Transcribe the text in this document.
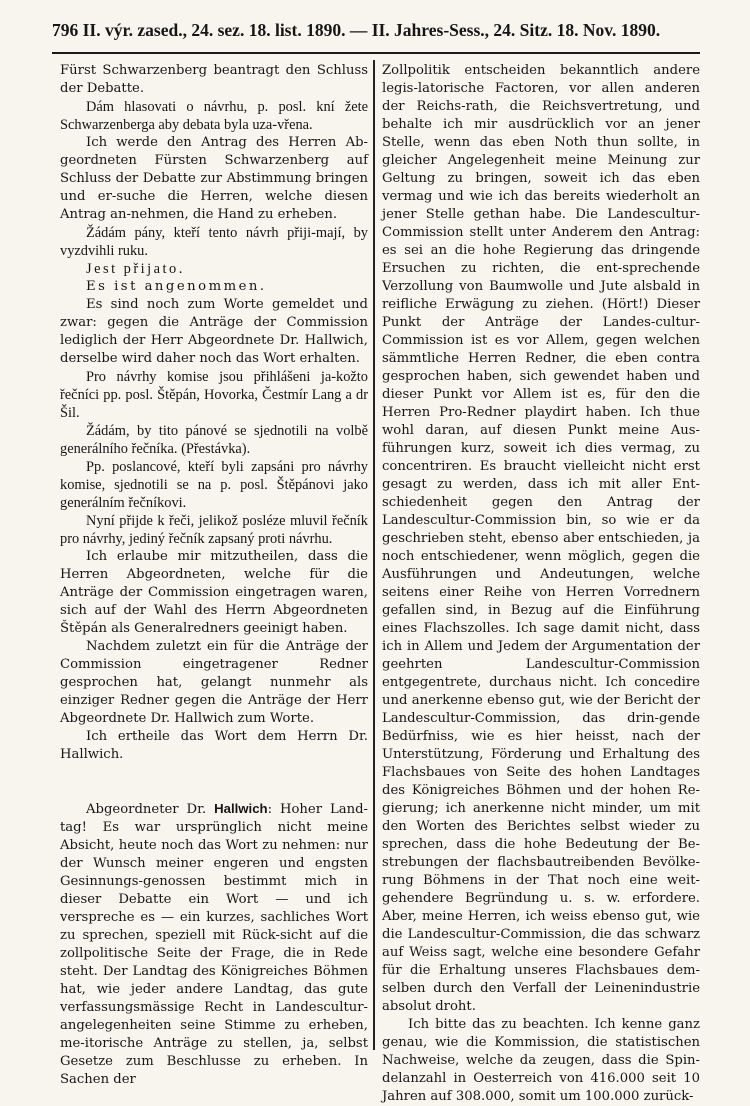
796 II. výr. zased., 24. sez. 18. list. 1890. — II. Jahres-Sess., 24. Sitz. 18. Nov. 1890.

Fürst Schwarzenberg beantragt den Schluss der Debatte.

Dám hlasovati o návrhu, p. posl. kní žete Schwarzenberga aby debata byla uza-vřena.

Ich werde den Antrag des Herren Ab-geordneten Fürsten Schwarzenberg auf Schluss der Debatte zur Abstimmung bringen und er-suche die Herren, welche diesen Antrag an-nehmen, die Hand zu erheben.

Žádám pány, kteří tento návrh přiji-mají, by vyzdvihli ruku.

Jest přijato.

Es ist angenommen.

Es sind noch zum Worte gemeldet und zwar: gegen die Anträge der Commission lediglich der Herr Abgeordnete Dr. Hallwich, derselbe wird daher noch das Wort erhalten.

Pro návrhy komise jsou přihlášeni ja-kožto řečníci pp. posl. Štěpán, Hovorka, Čestmír Lang a dr Šil.

Žádám, by tito pánové se sjednotili na volbě generálního řečníka. (Přestávka).

Pp. poslancové, kteří byli zapsáni pro návrhy komise, sjednotili se na p. posl. Štěpánovi jako generálním řečníkovi.

Nyní přijde k řeči, jelikož posléze mluvil řečník pro návrhy, jediný řečník zapsaný proti návrhu.

Ich erlaube mir mitzutheilen, dass die Herren Abgeordneten, welche für die Anträge der Commission eingetragen waren, sich auf der Wahl des Herrn Abgeordneten Štěpán als Generalredners geeinigt haben.

Nachdem zuletzt ein für die Anträge der Commission eingetragener Redner gesprochen hat, gelangt nunmehr als einziger Redner gegen die Anträge der Herr Abgeordnete Dr. Hallwich zum Worte.

Ich ertheile das Wort dem Herrn Dr. Hallwich.

Abgeordneter Dr. Hallwich: Hoher Land-tag! Es war ursprünglich nicht meine Absicht, heute noch das Wort zu nehmen: nur der Wunsch meiner engeren und engsten Gesinnungs-genossen bestimmt mich in dieser Debatte ein Wort — und ich verspreche es — ein kurzes, sachliches Wort zu sprechen, speziell mit Rück-sicht auf die zollpolitische Seite der Frage, die in Rede steht. Der Landtag des Königreiches Böhmen hat, wie jeder andere Landtag, das gute verfassungsmässige Recht in Landescultur-angelegenheiten seine Stimme zu erheben, me-itorische Anträge zu stellen, ja, selbst Gesetze zum Beschlusse zu erheben. In Sachen der

Zollpolitik entscheiden bekanntlich andere legis-latorische Factoren, vor allen anderen der Reichs-rath, die Reichsvertretung, und behalte ich mir ausdrücklich vor an jener Stelle, wenn das eben Noth thun sollte, in gleicher Angelegenheit meine Meinung zur Geltung zu bringen, soweit ich das eben vermag und wie ich das bereits wiederholt an jener Stelle gethan habe. Die Landescultur-Commission stellt unter Anderem den Antrag: es sei an die hohe Regierung das dringende Ersuchen zu richten, die ent-sprechende Verzollung von Baumwolle und Jute alsbald in reifliche Erwägung zu ziehen. (Hört!) Dieser Punkt der Anträge der Landes-cultur-Commission ist es vor Allem, gegen welchen sämmtliche Herren Redner, die eben contra gesprochen haben, sich gewendet haben und dieser Punkt vor Allem ist es, für den die Herren Pro-Redner playdirt haben. Ich thue wohl daran, auf diesen Punkt meine Aus-führungen kurz, soweit ich dies vermag, zu concentriren. Es braucht vielleicht nicht erst gesagt zu werden, dass ich mit aller Ent-schiedenheit gegen den Antrag der Landescultur-Commission bin, so wie er da geschrieben steht, ebenso aber entschieden, ja noch entschiedener, wenn möglich, gegen die Ausführungen und Andeutungen, welche seitens einer Reihe von Herren Vorrednern gefallen sind, in Bezug auf die Einführung eines Flachszolles. Ich sage damit nicht, dass ich in Allem und Jedem der Argumentation der geehrten Landescultur-Commission entgegentrete, durchaus nicht. Ich concedire und anerkenne ebenso gut, wie der Bericht der Landescultur-Commission, das drin-gende Bedürfniss, wie es hier heisst, nach der Unterstützung, Förderung und Erhaltung des Flachsbaues von Seite des hohen Landtages des Königreiches Böhmen und der hohen Re-gierung; ich anerkenne nicht minder, um mit den Worten des Berichtes selbst wieder zu sprechen, dass die hohe Bedeutung der Be-strebungen der flachsbautreibenden Bevölke-rung Böhmens in der That noch eine weit-gehendere Begründung u. s. w. erfordere. Aber, meine Herren, ich weiss ebenso gut, wie die Landescultur-Commission, die das schwarz auf Weiss sagt, welche eine besondere Gefahr für die Erhaltung unseres Flachsbaues dem-selben durch den Verfall der Leinenindustrie absolut droht.

Ich bitte das zu beachten. Ich kenne ganz genau, wie die Kommission, die statistischen Nachweise, welche da zeugen, dass die Spin-delanzahl in Oesterreich von 416.000 seit 10 Jahren auf 308.000, somit um 100.000 zurück-
